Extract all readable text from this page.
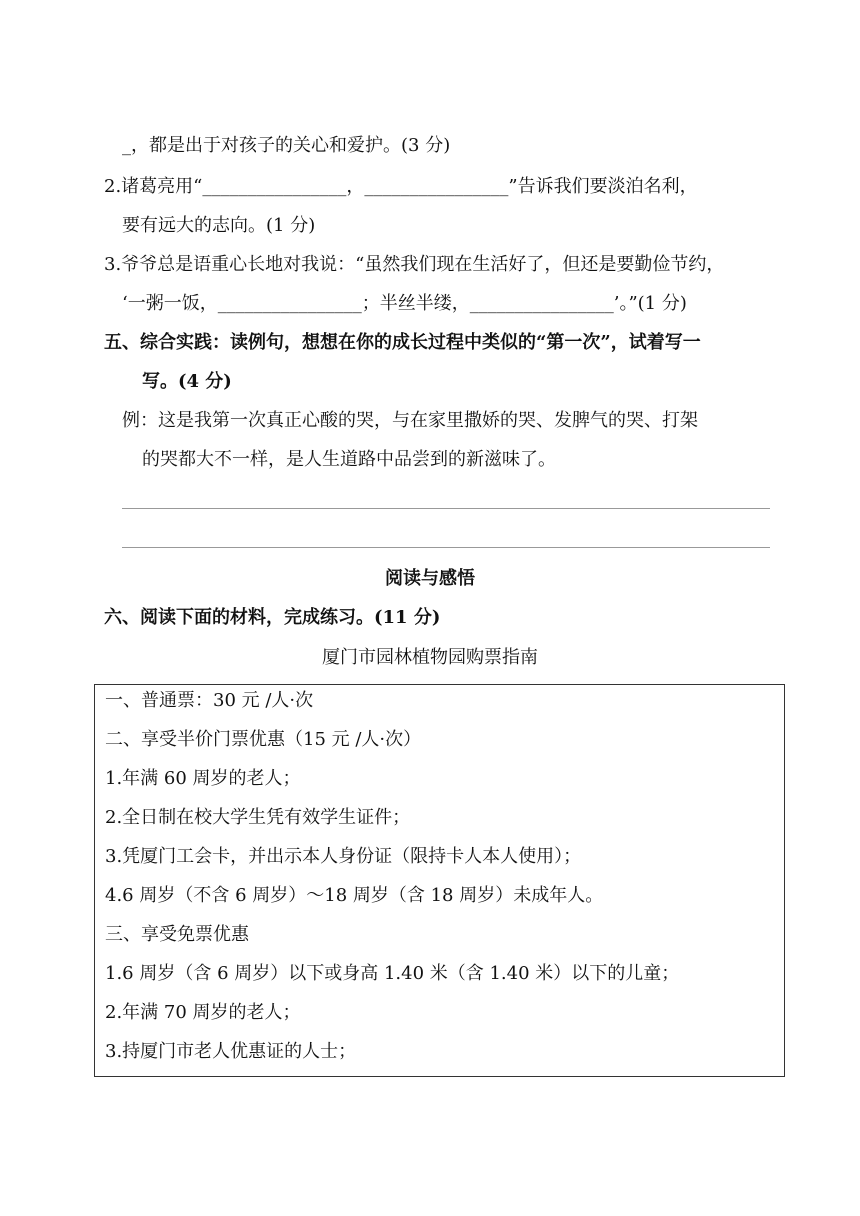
_，都是出于对孩子的关心和爱护。(3 分)
2.诸葛亮用“________________，________________”告诉我们要淡泊名利，
要有远大的志向。(1 分)
3.爷爷总是语重心长地对我说：“虽然我们现在生活好了，但还是要勤俭节约，
‘一粥一饭，________________；半丝半缕，________________’。”(1 分)
五、综合实践：读例句，想想在你的成长过程中类似的“第一次”，试着写一
写。(4 分)
例：这是我第一次真正心酸的哭，与在家里撒娇的哭、发脾气的哭、打架
的哭都大不一样，是人生道路中品尝到的新滋味了。
阅读与感悟
六、阅读下面的材料，完成练习。(11 分)
厦门市园林植物园购票指南
一、普通票：30 元 /人·次
二、享受半价门票优惠（15 元 /人·次）
1.年满 60 周岁的老人；
2.全日制在校大学生凭有效学生证件；
3.凭厦门工会卡，并出示本人身份证（限持卡人本人使用）；
4.6 周岁（不含 6 周岁）～18 周岁（含 18 周岁）未成年人。
三、享受免票优惠
1.6 周岁（含 6 周岁）以下或身高 1.40 米（含 1.40 米）以下的儿童；
2.年满 70 周岁的老人；
3.持厦门市老人优惠证的人士；
